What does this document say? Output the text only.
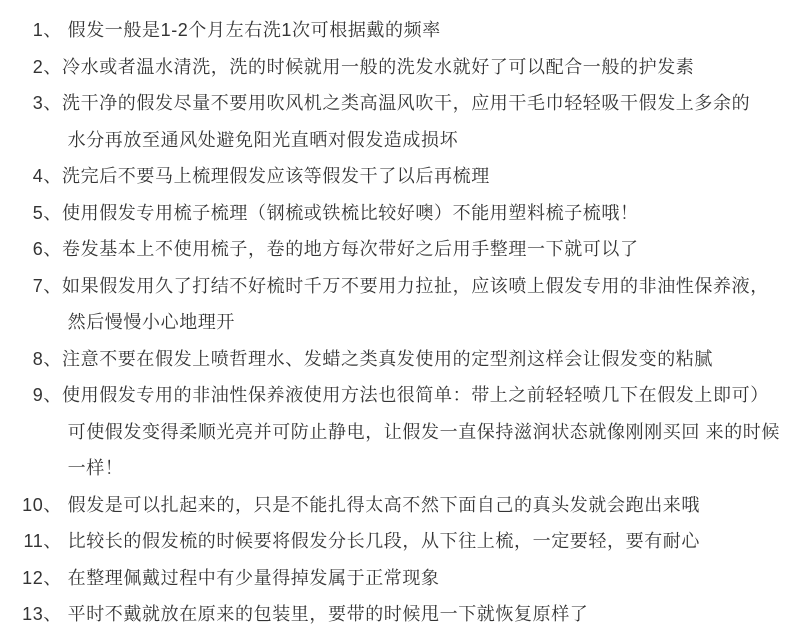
1、 假发一般是1-2个月左右洗1次可根据戴的频率
2、 冷水或者温水清洗，洗的时候就用一般的洗发水就好了可以配合一般的护发素
3、 洗干净的假发尽量不要用吹风机之类高温风吹干，应用干毛巾轻轻吸干假发上多余的
水分再放至通风处避免阳光直晒对假发造成损坏
4、 洗完后不要马上梳理假发应该等假发干了以后再梳理
5、 使用假发专用梳子梳理（钢梳或铁梳比较好噢）不能用塑料梳子梳哦！
6、 卷发基本上不使用梳子，卷的地方每次带好之后用手整理一下就可以了
7、 如果假发用久了打结不好梳时千万不要用力拉扯，应该喷上假发专用的非油性保养液，
然后慢慢小心地理开
8、 注意不要在假发上喷哲理水、发蜡之类真发使用的定型剂这样会让假发变的粘腻
9、 使用假发专用的非油性保养液使用方法也很简单：带上之前轻轻喷几下在假发上即可）
可使假发变得柔顺光亮并可防止静电，让假发一直保持滋润状态就像刚刚买回 来的时候
一样！
10、 假发是可以扎起来的，只是不能扎得太高不然下面自己的真头发就会跑出来哦
11、 比较长的假发梳的时候要将假发分长几段，从下往上梳，一定要轻，要有耐心
12、 在整理佩戴过程中有少量得掉发属于正常现象
13、 平时不戴就放在原来的包装里，要带的时候甩一下就恢复原样了
